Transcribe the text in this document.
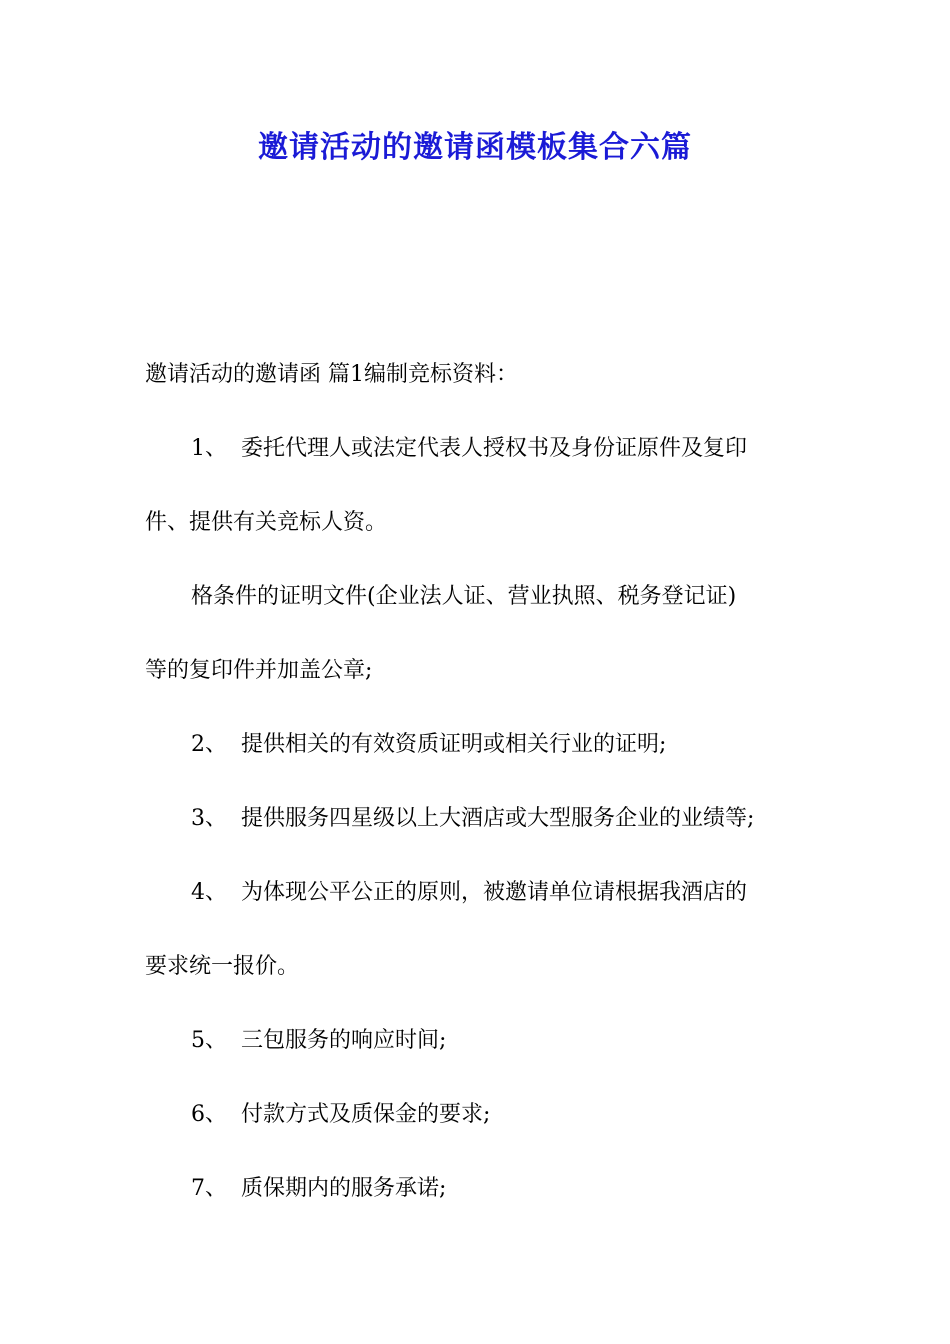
邀请活动的邀请函模板集合六篇

邀请活动的邀请函 篇1编制竞标资料：

1、 委托代理人或法定代表人授权书及身份证原件及复印

件、提供有关竞标人资。

格条件的证明文件(企业法人证、营业执照、税务登记证)

等的复印件并加盖公章;

2、 提供相关的有效资质证明或相关行业的证明;

3、 提供服务四星级以上大酒店或大型服务企业的业绩等;

4、 为体现公平公正的原则，被邀请单位请根据我酒店的

要求统一报价。

5、 三包服务的响应时间;

6、 付款方式及质保金的要求;

7、 质保期内的服务承诺;
